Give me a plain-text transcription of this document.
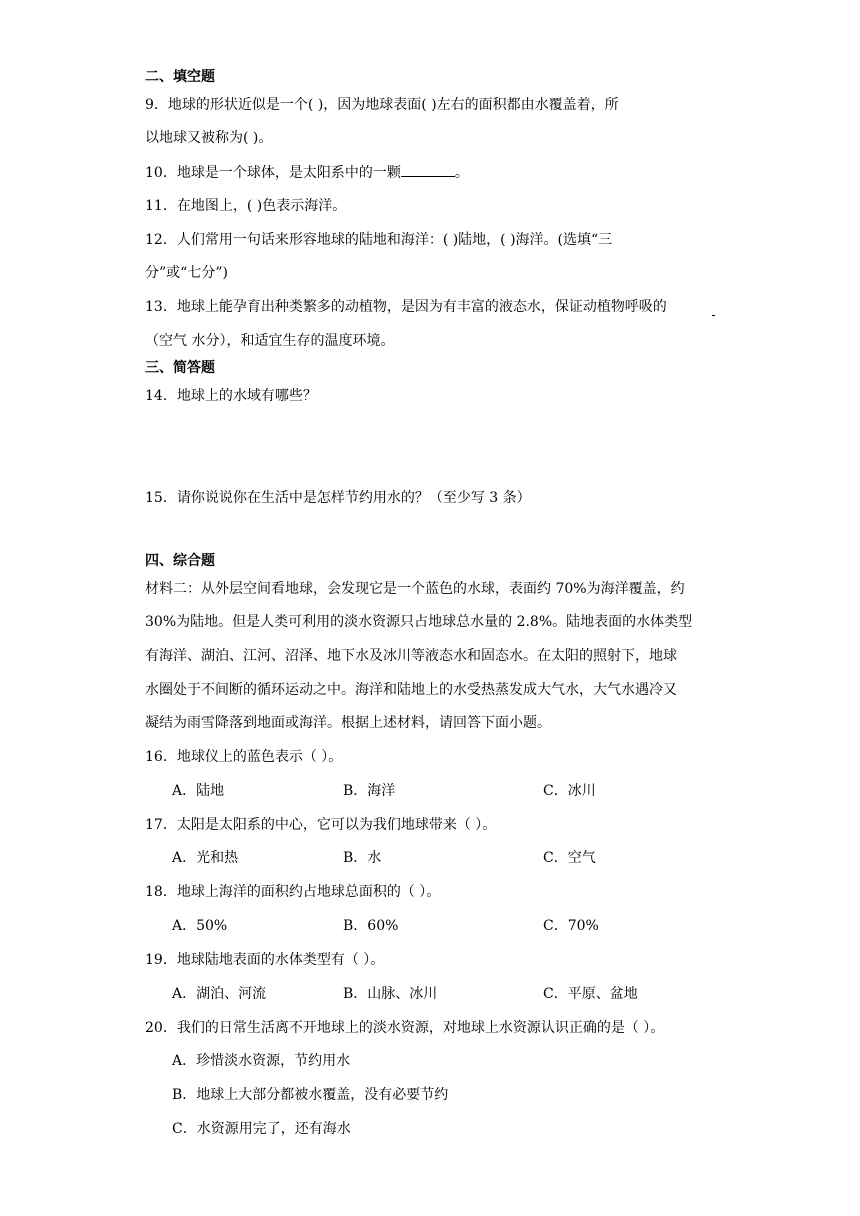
二、填空题
9．地球的形状近似是一个( )，因为地球表面( )左右的面积都由水覆盖着，所
以地球又被称为( )。
10．地球是一个球体，是太阳系中的一颗	。
11．在地图上，( )色表示海洋。
12．人们常用一句话来形容地球的陆地和海洋：( )陆地，( )海洋。(选填“三
分”或“七分”)
13．地球上能孕育出种类繁多的动植物，是因为有丰富的液态水，保证动植物呼吸的
（空气 水分），和适宜生存的温度环境。
三、简答题
14．地球上的水域有哪些？
15．请你说说你在生活中是怎样节约用水的？（至少写 3 条）
四、综合题
材料二：从外层空间看地球，会发现它是一个蓝色的水球，表面约 70%为海洋覆盖，约
30%为陆地。但是人类可利用的淡水资源只占地球总水量的 2.8%。陆地表面的水体类型
有海洋、湖泊、江河、沼泽、地下水及冰川等液态水和固态水。在太阳的照射下，地球
水圈处于不间断的循环运动之中。海洋和陆地上的水受热蒸发成大气水，大气水遇冷又
凝结为雨雪降落到地面或海洋。根据上述材料，请回答下面小题。
16．地球仪上的蓝色表示（ ）。
A．陆地	B．海洋	C．冰川
17．太阳是太阳系的中心，它可以为我们地球带来（ ）。
A．光和热	B．水	C．空气
18．地球上海洋的面积约占地球总面积的（ ）。
A．50%	B．60%	C．70%
19．地球陆地表面的水体类型有（ ）。
A．湖泊、河流	B．山脉、冰川	C．平原、盆地
20．我们的日常生活离不开地球上的淡水资源，对地球上水资源认识正确的是（ ）。
A．珍惜淡水资源，节约用水
B．地球上大部分都被水覆盖，没有必要节约
C．水资源用完了，还有海水
